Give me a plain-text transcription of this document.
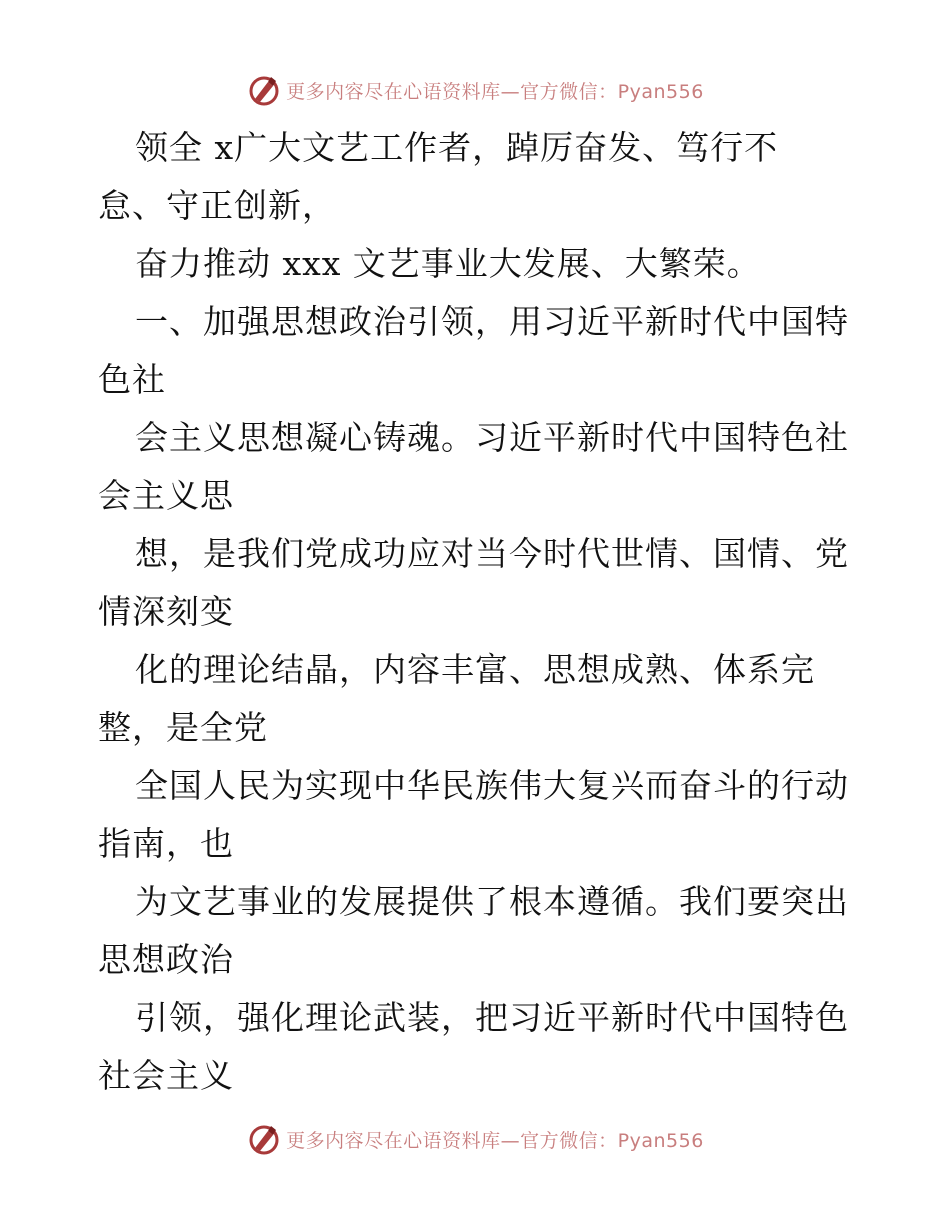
更多内容尽在心语资料库—官方微信：Pyan556
领全 x广大文艺工作者，踔厉奋发、笃行不
怠、守正创新，
奋力推动 xxx 文艺事业大发展、大繁荣。
一、加强思想政治引领，用习近平新时代中国特
色社
会主义思想凝心铸魂。习近平新时代中国特色社
会主义思
想，是我们党成功应对当今时代世情、国情、党
情深刻变
化的理论结晶，内容丰富、思想成熟、体系完
整，是全党
全国人民为实现中华民族伟大复兴而奋斗的行动
指南，也
为文艺事业的发展提供了根本遵循。我们要突出
思想政治
引领，强化理论武装，把习近平新时代中国特色
社会主义
更多内容尽在心语资料库—官方微信：Pyan556
